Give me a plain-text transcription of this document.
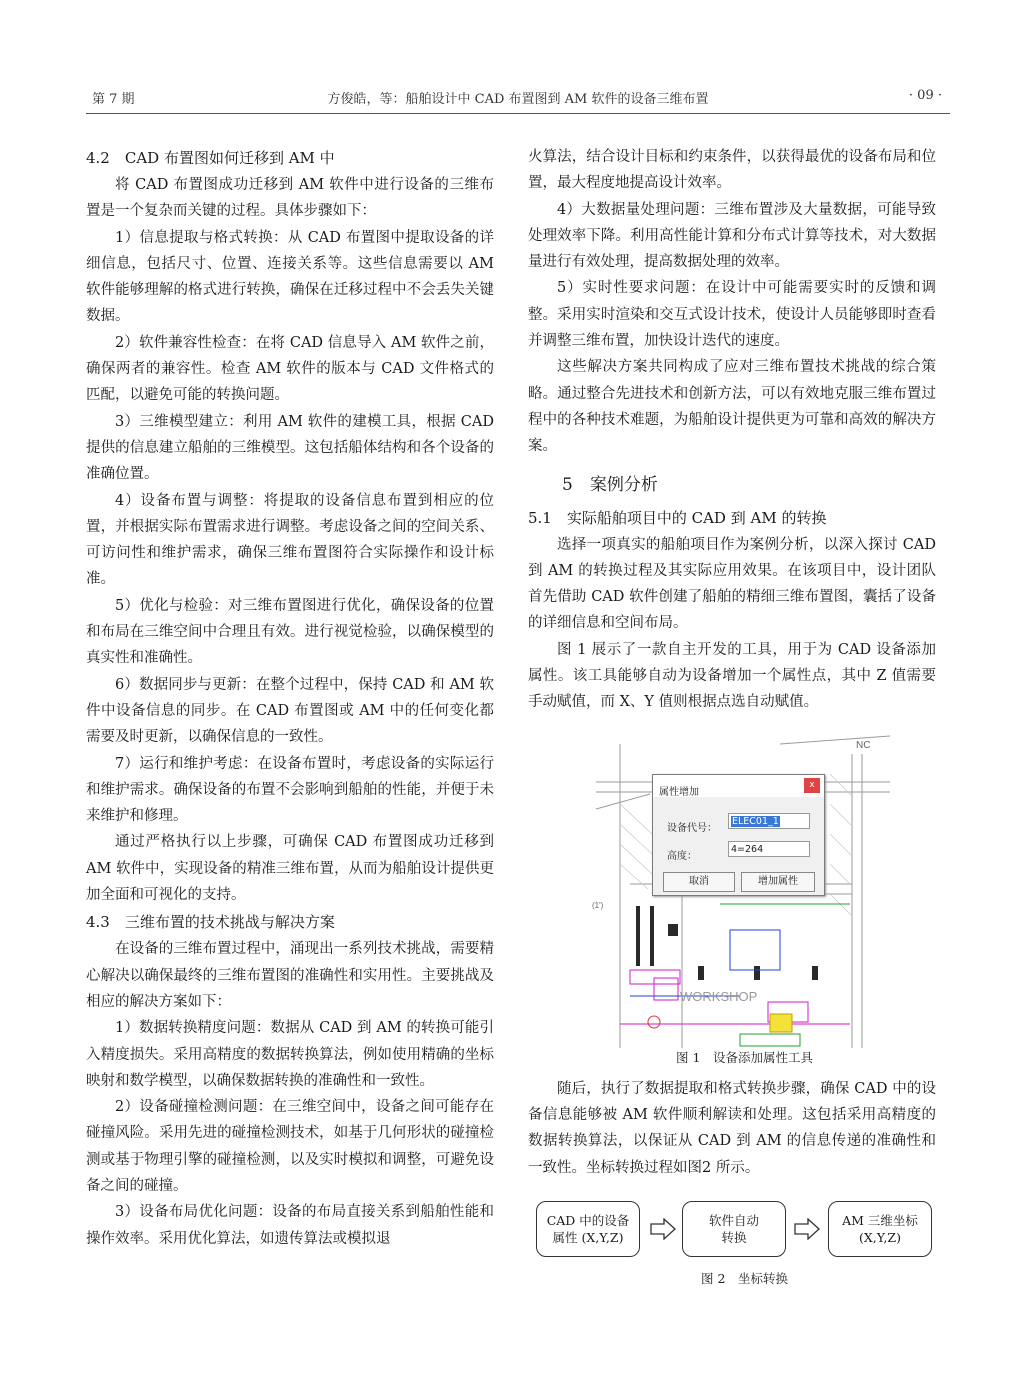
第 7 期	方俊皓，等：船舶设计中 CAD 布置图到 AM 软件的设备三维布置	· 09 ·

4.2　CAD 布置图如何迁移到 AM 中

将 CAD 布置图成功迁移到 AM 软件中进行设备的三维布置是一个复杂而关键的过程。具体步骤如下：

1）信息提取与格式转换：从 CAD 布置图中提取设备的详细信息，包括尺寸、位置、连接关系等。这些信息需要以 AM 软件能够理解的格式进行转换，确保在迁移过程中不会丢失关键数据。

2）软件兼容性检查：在将 CAD 信息导入 AM 软件之前，确保两者的兼容性。检查 AM 软件的版本与 CAD 文件格式的匹配，以避免可能的转换问题。

3）三维模型建立：利用 AM 软件的建模工具，根据 CAD 提供的信息建立船舶的三维模型。这包括船体结构和各个设备的准确位置。

4）设备布置与调整：将提取的设备信息布置到相应的位置，并根据实际布置需求进行调整。考虑设备之间的空间关系、可访问性和维护需求，确保三维布置图符合实际操作和设计标准。

5）优化与检验：对三维布置图进行优化，确保设备的位置和布局在三维空间中合理且有效。进行视觉检验，以确保模型的真实性和准确性。

6）数据同步与更新：在整个过程中，保持 CAD 和 AM 软件中设备信息的同步。在 CAD 布置图或 AM 中的任何变化都需要及时更新，以确保信息的一致性。

7）运行和维护考虑：在设备布置时，考虑设备的实际运行和维护需求。确保设备的布置不会影响到船舶的性能，并便于未来维护和修理。

通过严格执行以上步骤，可确保 CAD 布置图成功迁移到 AM 软件中，实现设备的精准三维布置，从而为船舶设计提供更加全面和可视化的支持。

4.3　三维布置的技术挑战与解决方案

在设备的三维布置过程中，涌现出一系列技术挑战，需要精心解决以确保最终的三维布置图的准确性和实用性。主要挑战及相应的解决方案如下：

1）数据转换精度问题：数据从 CAD 到 AM 的转换可能引入精度损失。采用高精度的数据转换算法，例如使用精确的坐标映射和数学模型，以确保数据转换的准确性和一致性。

2）设备碰撞检测问题：在三维空间中，设备之间可能存在碰撞风险。采用先进的碰撞检测技术，如基于几何形状的碰撞检测或基于物理引擎的碰撞检测，以及实时模拟和调整，可避免设备之间的碰撞。

3）设备布局优化问题：设备的布局直接关系到船舶性能和操作效率。采用优化算法，如遗传算法或模拟退

火算法，结合设计目标和约束条件，以获得最优的设备布局和位置，最大程度地提高设计效率。

4）大数据量处理问题：三维布置涉及大量数据，可能导致处理效率下降。利用高性能计算和分布式计算等技术，对大数据量进行有效处理，提高数据处理的效率。

5）实时性要求问题：在设计中可能需要实时的反馈和调整。采用实时渲染和交互式设计技术，使设计人员能够即时查看并调整三维布置，加快设计迭代的速度。

这些解决方案共同构成了应对三维布置技术挑战的综合策略。通过整合先进技术和创新方法，可以有效地克服三维布置过程中的各种技术难题，为船舶设计提供更为可靠和高效的解决方案。

5　案例分析

5.1　实际船舶项目中的 CAD 到 AM 的转换

选择一项真实的船舶项目作为案例分析，以深入探讨 CAD 到 AM 的转换过程及其实际应用效果。在该项目中，设计团队首先借助 CAD 软件创建了船舶的精细三维布置图，囊括了设备的详细信息和空间布局。

图 1 展示了一款自主开发的工具，用于为 CAD 设备添加属性。该工具能够自动为设备增加一个属性点，其中 Z 值需要手动赋值，而 X、Y 值则根据点选自动赋值。

WORKSHOP
NC
(1')
属性增加
x
设备代号：
ELEC01_1
高度：
4=264
取消	增加属性

图 1　设备添加属性工具

随后，执行了数据提取和格式转换步骤，确保 CAD 中的设备信息能够被 AM 软件顺利解读和处理。这包括采用高精度的数据转换算法，以保证从 CAD 到 AM 的信息传递的准确性和一致性。坐标转换过程如图2 所示。

CAD 中的设备
属性 (X,Y,Z)
软件自动
转换
AM 三维坐标
(X,Y,Z)

图 2　坐标转换
